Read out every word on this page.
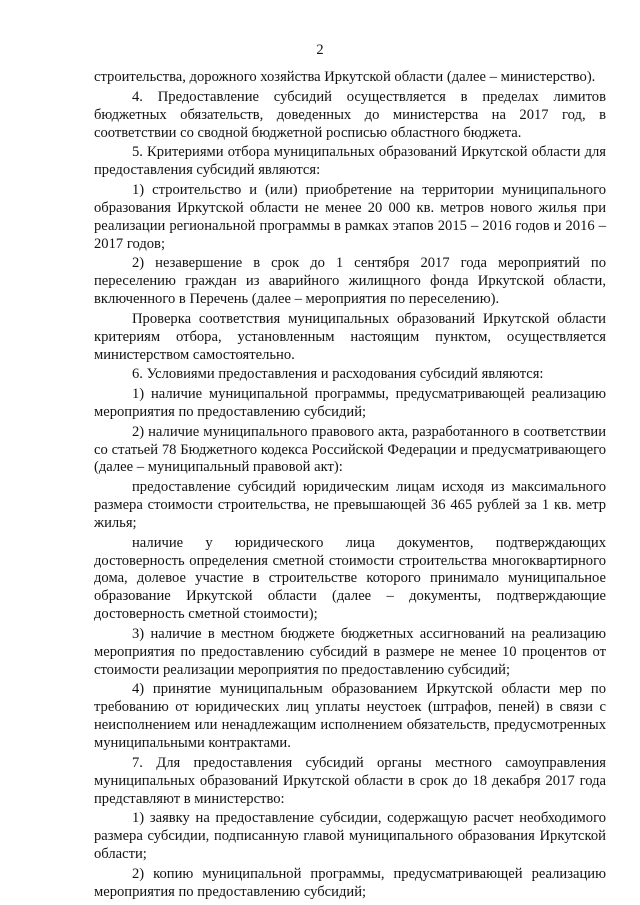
2

строительства, дорожного хозяйства Иркутской области (далее – министерство).

4. Предоставление субсидий осуществляется в пределах лимитов бюджетных обязательств, доведенных до министерства на 2017 год, в соответствии со сводной бюджетной росписью областного бюджета.

5. Критериями отбора муниципальных образований Иркутской области для предоставления субсидий являются:

1) строительство и (или) приобретение на территории муниципального образования Иркутской области не менее 20 000 кв. метров нового жилья при реализации региональной программы в рамках этапов 2015 – 2016 годов и 2016 – 2017 годов;

2) незавершение в срок до 1 сентября 2017 года мероприятий по переселению граждан из аварийного жилищного фонда Иркутской области, включенного в Перечень (далее – мероприятия по переселению).

Проверка соответствия муниципальных образований Иркутской области критериям отбора, установленным настоящим пунктом, осуществляется министерством самостоятельно.

6. Условиями предоставления и расходования субсидий являются:

1) наличие муниципальной программы, предусматривающей реализацию мероприятия по предоставлению субсидий;

2) наличие муниципального правового акта, разработанного в соответствии со статьей 78 Бюджетного кодекса Российской Федерации и предусматривающего (далее – муниципальный правовой акт):

предоставление субсидий юридическим лицам исходя из максимального размера стоимости строительства, не превышающей 36 465 рублей за 1 кв. метр жилья;

наличие у юридического лица документов, подтверждающих достоверность определения сметной стоимости строительства многоквартирного дома, долевое участие в строительстве которого принимало муниципальное образование Иркутской области (далее – документы, подтверждающие достоверность сметной стоимости);

3) наличие в местном бюджете бюджетных ассигнований на реализацию мероприятия по предоставлению субсидий в размере не менее 10 процентов от стоимости реализации мероприятия по предоставлению субсидий;

4) принятие муниципальным образованием Иркутской области мер по требованию от юридических лиц уплаты неустоек (штрафов, пеней) в связи с неисполнением или ненадлежащим исполнением обязательств, предусмотренных муниципальными контрактами.

7. Для предоставления субсидий органы местного самоуправления муниципальных образований Иркутской области в срок до 18 декабря 2017 года представляют в министерство:

1) заявку на предоставление субсидии, содержащую расчет необходимого размера субсидии, подписанную главой муниципального образования Иркутской области;

2) копию муниципальной программы, предусматривающей реализацию мероприятия по предоставлению субсидий;
